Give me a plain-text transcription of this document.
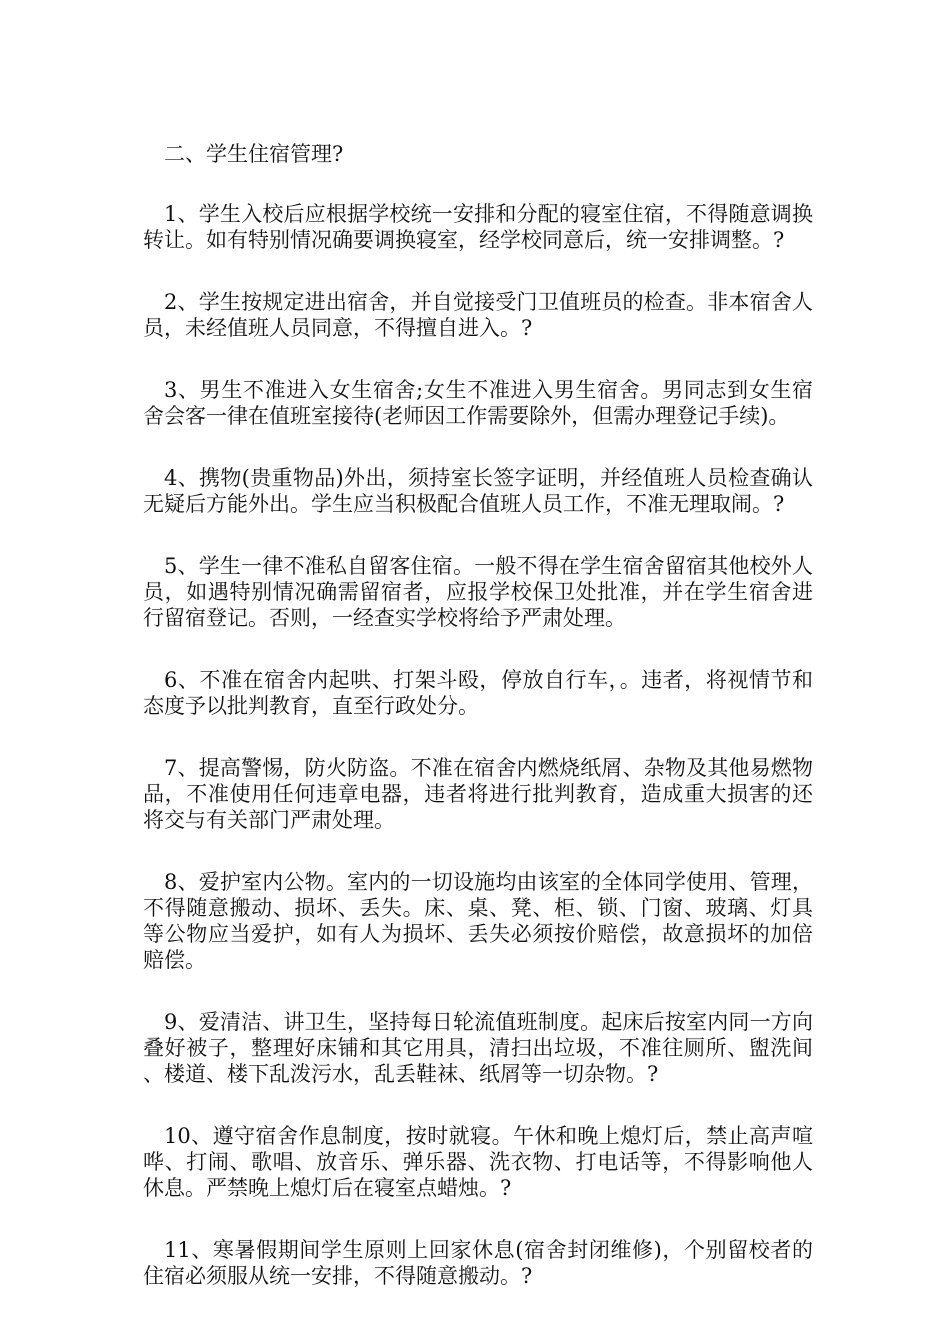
二、学生住宿管理?
1、学生入校后应根据学校统一安排和分配的寝室住宿，不得随意调换转让。如有特别情况确要调换寝室，经学校同意后，统一安排调整。?
2、学生按规定进出宿舍，并自觉接受门卫值班员的检查。非本宿舍人员，未经值班人员同意，不得擅自进入。?
3、男生不准进入女生宿舍;女生不准进入男生宿舍。男同志到女生宿舍会客一律在值班室接待(老师因工作需要除外，但需办理登记手续)。
4、携物(贵重物品)外出，须持室长签字证明，并经值班人员检查确认无疑后方能外出。学生应当积极配合值班人员工作，不准无理取闹。?
5、学生一律不准私自留客住宿。一般不得在学生宿舍留宿其他校外人员，如遇特别情况确需留宿者，应报学校保卫处批准，并在学生宿舍进行留宿登记。否则，一经查实学校将给予严肃处理。
6、不准在宿舍内起哄、打架斗殴，停放自行车，。违者，将视情节和态度予以批判教育，直至行政处分。
7、提高警惕，防火防盗。不准在宿舍内燃烧纸屑、杂物及其他易燃物品，不准使用任何违章电器，违者将进行批判教育，造成重大损害的还将交与有关部门严肃处理。
8、爱护室内公物。室内的一切设施均由该室的全体同学使用、管理，不得随意搬动、损坏、丢失。床、桌、凳、柜、锁、门窗、玻璃、灯具等公物应当爱护，如有人为损坏、丢失必须按价赔偿，故意损坏的加倍赔偿。
9、爱清洁、讲卫生，坚持每日轮流值班制度。起床后按室内同一方向叠好被子，整理好床铺和其它用具，清扫出垃圾，不准往厕所、盥洗间、楼道、楼下乱泼污水，乱丢鞋袜、纸屑等一切杂物。?
10、遵守宿舍作息制度，按时就寝。午休和晚上熄灯后，禁止高声喧哗、打闹、歌唱、放音乐、弹乐器、洗衣物、打电话等，不得影响他人休息。严禁晚上熄灯后在寝室点蜡烛。?
11、寒暑假期间学生原则上回家休息(宿舍封闭维修)，个别留校者的住宿必须服从统一安排，不得随意搬动。?
